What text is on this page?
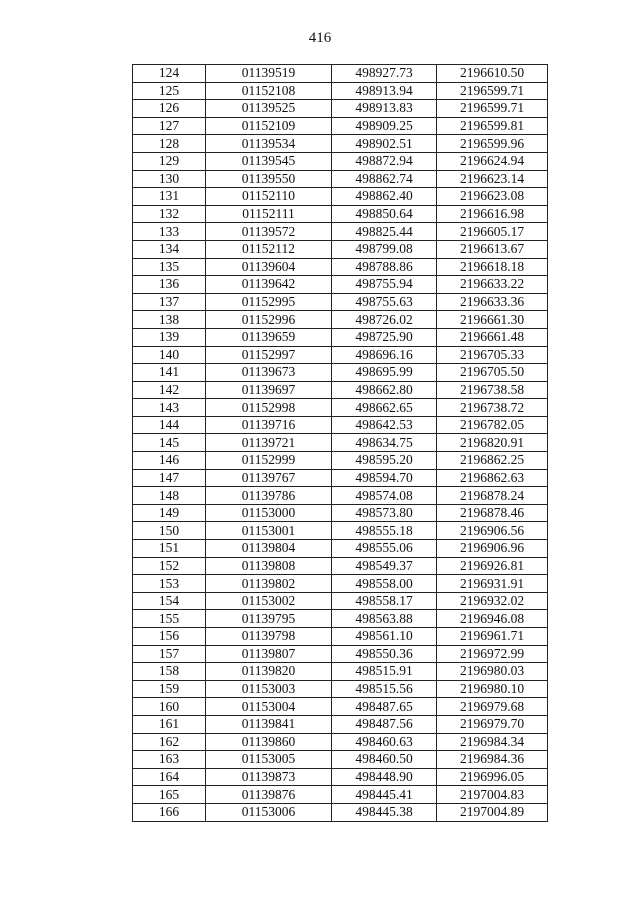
416
124	01139519	498927.73	2196610.50
125	01152108	498913.94	2196599.71
126	01139525	498913.83	2196599.71
127	01152109	498909.25	2196599.81
128	01139534	498902.51	2196599.96
129	01139545	498872.94	2196624.94
130	01139550	498862.74	2196623.14
131	01152110	498862.40	2196623.08
132	01152111	498850.64	2196616.98
133	01139572	498825.44	2196605.17
134	01152112	498799.08	2196613.67
135	01139604	498788.86	2196618.18
136	01139642	498755.94	2196633.22
137	01152995	498755.63	2196633.36
138	01152996	498726.02	2196661.30
139	01139659	498725.90	2196661.48
140	01152997	498696.16	2196705.33
141	01139673	498695.99	2196705.50
142	01139697	498662.80	2196738.58
143	01152998	498662.65	2196738.72
144	01139716	498642.53	2196782.05
145	01139721	498634.75	2196820.91
146	01152999	498595.20	2196862.25
147	01139767	498594.70	2196862.63
148	01139786	498574.08	2196878.24
149	01153000	498573.80	2196878.46
150	01153001	498555.18	2196906.56
151	01139804	498555.06	2196906.96
152	01139808	498549.37	2196926.81
153	01139802	498558.00	2196931.91
154	01153002	498558.17	2196932.02
155	01139795	498563.88	2196946.08
156	01139798	498561.10	2196961.71
157	01139807	498550.36	2196972.99
158	01139820	498515.91	2196980.03
159	01153003	498515.56	2196980.10
160	01153004	498487.65	2196979.68
161	01139841	498487.56	2196979.70
162	01139860	498460.63	2196984.34
163	01153005	498460.50	2196984.36
164	01139873	498448.90	2196996.05
165	01139876	498445.41	2197004.83
166	01153006	498445.38	2197004.89
